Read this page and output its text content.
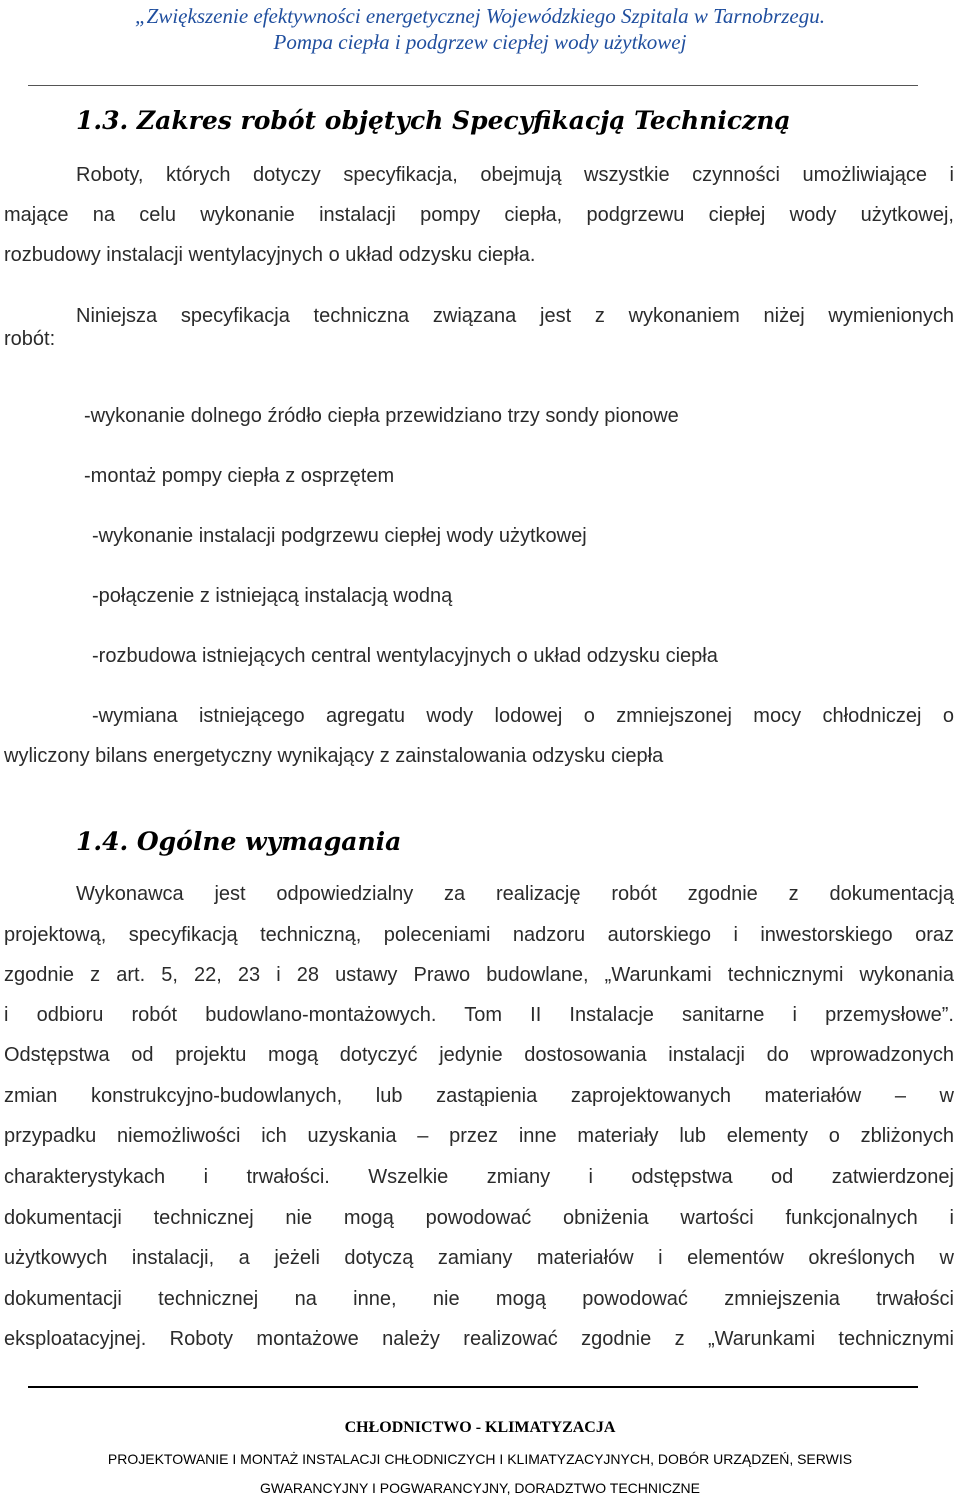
„Zwiększenie efektywności energetycznej Wojewódzkiego Szpitala w Tarnobrzegu.
Pompa ciepła i podgrzew ciepłej wody użytkowej
1.3. Zakres robót objętych Specyfikacją Techniczną
Roboty, których dotyczy specyfikacja, obejmują wszystkie czynności umożliwiające i
mające na celu wykonanie instalacji pompy ciepła, podgrzewu ciepłej wody użytkowej,
rozbudowy instalacji wentylacyjnych o układ odzysku ciepła.
Niniejsza specyfikacja techniczna związana jest z wykonaniem niżej wymienionych
robót:
-wykonanie dolnego źródło ciepła przewidziano trzy sondy pionowe
-montaż pompy ciepła z osprzętem
-wykonanie instalacji podgrzewu ciepłej wody użytkowej
-połączenie z istniejącą instalacją wodną
-rozbudowa istniejących central wentylacyjnych o układ odzysku ciepła
-wymiana istniejącego agregatu wody lodowej o zmniejszonej mocy chłodniczej o
wyliczony bilans energetyczny wynikający z zainstalowania odzysku ciepła
1.4. Ogólne wymagania
Wykonawca jest odpowiedzialny za realizację robót zgodnie z dokumentacją
projektową, specyfikacją techniczną, poleceniami nadzoru autorskiego i inwestorskiego oraz
zgodnie z art. 5, 22, 23 i 28 ustawy Prawo budowlane, „Warunkami technicznymi wykonania
i odbioru robót budowlano-montażowych. Tom II Instalacje sanitarne i przemysłowe”.
Odstępstwa od projektu mogą dotyczyć jedynie dostosowania instalacji do wprowadzonych
zmian konstrukcyjno-budowlanych, lub zastąpienia zaprojektowanych materiałów – w
przypadku niemożliwości ich uzyskania – przez inne materiały lub elementy o zbliżonych
charakterystykach i trwałości. Wszelkie zmiany i odstępstwa od zatwierdzonej
dokumentacji technicznej nie mogą powodować obniżenia wartości funkcjonalnych i
użytkowych instalacji, a jeżeli dotyczą zamiany materiałów i elementów określonych w
dokumentacji technicznej na inne, nie mogą powodować zmniejszenia trwałości
eksploatacyjnej. Roboty montażowe należy realizować zgodnie z „Warunkami technicznymi
CHŁODNICTWO - KLIMATYZACJA
PROJEKTOWANIE I MONTAŻ INSTALACJI CHŁODNICZYCH I KLIMATYZACYJNYCH, DOBÓR URZĄDZEŃ, SERWIS
GWARANCYJNY I POGWARANCYJNY, DORADZTWO TECHNICZNE
